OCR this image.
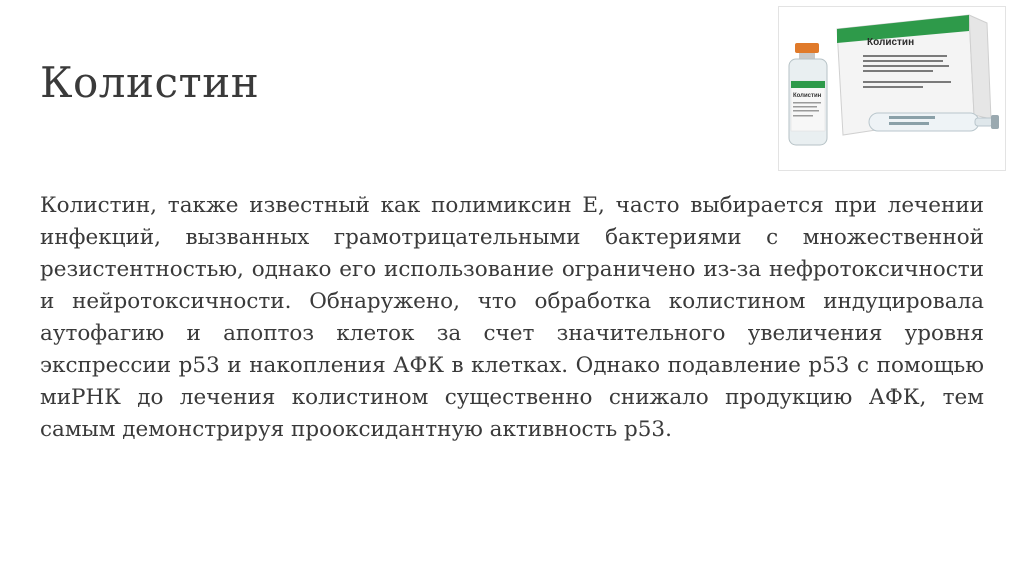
Колистин
Колистин
Колистин
Колистин, также известный как полимиксин Е, часто выбирается при лечении инфекций, вызванных грамотрицательными бактериями с множественной резистентностью, однако его использование ограничено из-за нефротоксичности и нейротоксичности. Обнаружено, что обработка колистином индуцировала аутофагию и апоптоз клеток за счет значительного увеличения уровня экспрессии p53 и накопления АФК в клетках. Однако подавление p53 с помощью миРНК до лечения колистином существенно снижало продукцию АФК, тем самым демонстрируя прооксидантную активность p53.
